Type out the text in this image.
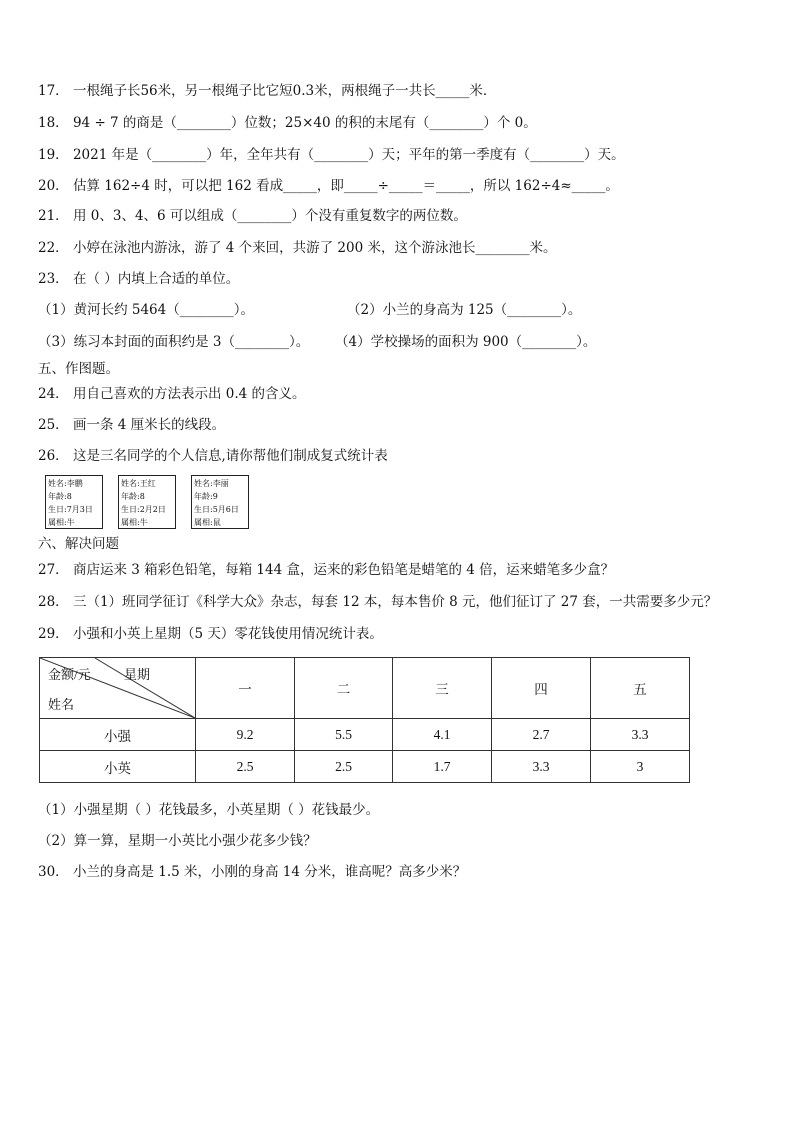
17． 一根绳子长56米，另一根绳子比它短0.3米，两根绳子一共长_____米．
18． 94 ÷ 7 的商是（________）位数；25×40 的积的末尾有（________）个 0。
19． 2021 年是（________）年，全年共有（________）天；平年的第一季度有（________）天。
20． 估算 162÷4 时，可以把 162 看成_____，即_____÷_____＝_____，所以 162÷4≈_____。
21． 用 0、3、4、6 可以组成（________）个没有重复数字的两位数。
22． 小婷在泳池内游泳，游了 4 个来回，共游了 200 米，这个游泳池长________米。
23． 在（ ）内填上合适的单位。
（1）黄河长约 5464（________）。	（2）小兰的身高为 125（________）。
（3）练习本封面的面积约是 3（________）。 （4）学校操场的面积为 900（________）。
五、作图题。
24． 用自己喜欢的方法表示出 0.4 的含义。
25． 画一条 4 厘米长的线段。
26． 这是三名同学的个人信息,请你帮他们制成复式统计表
姓名:李鹏
年龄:8
生日:7月3日
属相:牛
姓名:王红
年龄:8
生日:2月2日
属相:牛
姓名:李丽
年龄:9
生日:5月6日
属相:鼠
六、解决问题
27． 商店运来 3 箱彩色铅笔，每箱 144 盒，运来的彩色铅笔是蜡笔的 4 倍，运来蜡笔多少盒？
28． 三（1）班同学征订《科学大众》杂志，每套 12 本，每本售价 8 元，他们征订了 27 套，一共需要多少元？
29． 小强和小英上星期（5 天）零花钱使用情况统计表。
金额/元 星期
姓名	一	二	三	四	五
小强	9.2	5.5	4.1	2.7	3.3
小英	2.5	2.5	1.7	3.3	3
（1）小强星期（ ）花钱最多，小英星期（ ）花钱最少。
（2）算一算，星期一小英比小强少花多少钱？
30． 小兰的身高是 1.5 米，小刚的身高 14 分米，谁高呢？高多少米？
